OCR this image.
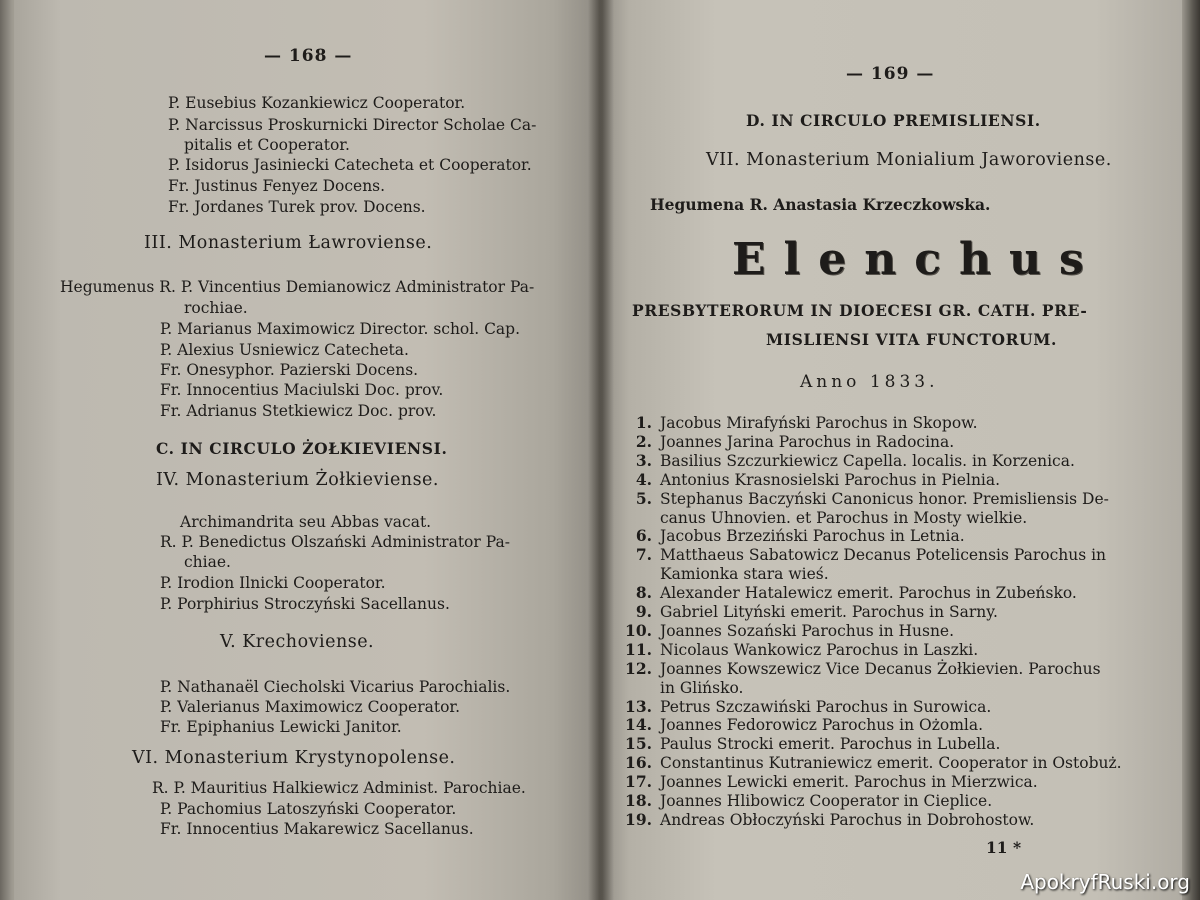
— 168 —
P. Eusebius Kozankiewicz Cooperator.
P. Narcissus Proskurnicki Director Scholae Ca-
pitalis et Cooperator.
P. Isidorus Jasiniecki Catecheta et Cooperator.
Fr. Justinus Fenyez Docens.
Fr. Jordanes Turek prov. Docens.
III. Monasterium Ławroviense.
Hegumenus R. P. Vincentius Demianowicz Administrator Pa-
rochiae.
P. Marianus Maximowicz Director. schol. Cap.
P. Alexius Usniewicz Catecheta.
Fr. Onesyphor. Pazierski Docens.
Fr. Innocentius Maciulski Doc. prov.
Fr. Adrianus Stetkiewicz Doc. prov.
C. IN CIRCULO ŻOŁKIEVIENSI.
IV. Monasterium Żołkieviense.
Archimandrita seu Abbas vacat.
R. P. Benedictus Olszański Administrator Pa-
chiae.
P. Irodion Ilnicki Cooperator.
P. Porphirius Stroczyński Sacellanus.
V. Krechoviense.
P. Nathanaël Ciecholski Vicarius Parochialis.
P. Valerianus Maximowicz Cooperator.
Fr. Epiphanius Lewicki Janitor.
VI. Monasterium Krystynopolense.
R. P. Mauritius Halkiewicz Administ. Parochiae.
P. Pachomius Latoszyński Cooperator.
Fr. Innocentius Makarewicz Sacellanus.
— 169 —
D. IN CIRCULO PREMISLIENSI.
VII. Monasterium Monialium Jaworoviense.
Hegumena R. Anastasia Krzeczkowska.
Elenchus
PRESBYTERORUM IN DIOECESI GR. CATH. PRE-
MISLIENSI VITA FUNCTORUM.
Anno 1833.
1. Jacobus Mirafyński Parochus in Skopow.
2. Joannes Jarina Parochus in Radocina.
3. Basilius Szczurkiewicz Capella. localis. in Korzenica.
4. Antonius Krasnosielski Parochus in Pielnia.
5. Stephanus Baczyński Canonicus honor. Premisliensis De-
canus Uhnovien. et Parochus in Mosty wielkie.
6. Jacobus Brzeziński Parochus in Letnia.
7. Matthaeus Sabatowicz Decanus Potelicensis Parochus in
Kamionka stara wieś.
8. Alexander Hatalewicz emerit. Parochus in Zubeńsko.
9. Gabriel Lityński emerit. Parochus in Sarny.
10. Joannes Sozański Parochus in Husne.
11. Nicolaus Wankowicz Parochus in Laszki.
12. Joannes Kowszewicz Vice Decanus Żołkievien. Parochus
in Glińsko.
13. Petrus Szczawiński Parochus in Surowica.
14. Joannes Fedorowicz Parochus in Ożomla.
15. Paulus Strocki emerit. Parochus in Lubella.
16. Constantinus Kutraniewicz emerit. Cooperator in Ostobuż.
17. Joannes Lewicki emerit. Parochus in Mierzwica.
18. Joannes Hlibowicz Cooperator in Cieplice.
19. Andreas Obłoczyński Parochus in Dobrohostow.
11 *
ApokryfRuski.org
